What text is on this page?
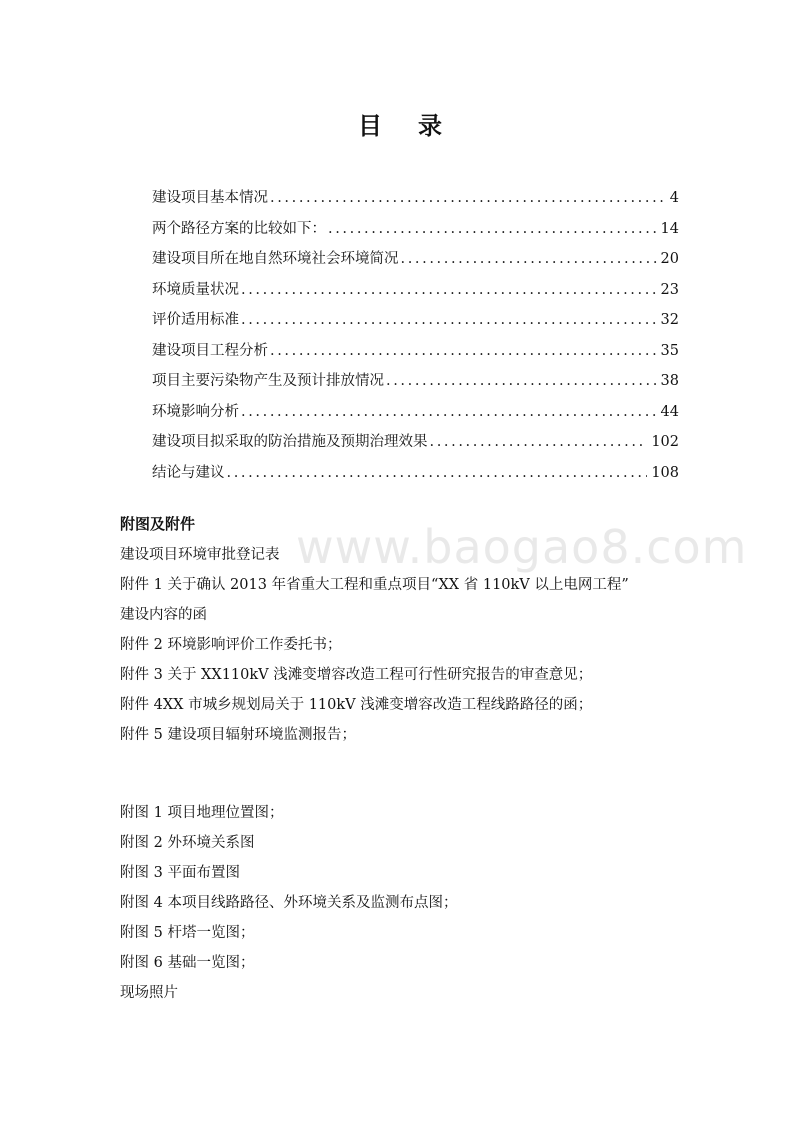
目 录
建设项目基本情况 .....	4
两个路径方案的比较如下： .....	14
建设项目所在地自然环境社会环境简况 .....	20
环境质量状况 .....	23
评价适用标准 .....	32
建设项目工程分析 .....	35
项目主要污染物产生及预计排放情况 .....	38
环境影响分析 .....	44
建设项目拟采取的防治措施及预期治理效果 .....	102
结论与建议 .....	108
www.baogao8.com
附图及附件
建设项目环境审批登记表
附件 1 关于确认 2013 年省重大工程和重点项目“XX 省 110kV 以上电网工程”
建设内容的函
附件 2 环境影响评价工作委托书；
附件 3 关于 XX110kV 浅滩变增容改造工程可行性研究报告的审查意见；
附件 4XX 市城乡规划局关于 110kV 浅滩变增容改造工程线路路径的函；
附件 5 建设项目辐射环境监测报告；
附图 1 项目地理位置图；
附图 2 外环境关系图
附图 3 平面布置图
附图 4 本项目线路路径、外环境关系及监测布点图；
附图 5 杆塔一览图；
附图 6 基础一览图；
现场照片
